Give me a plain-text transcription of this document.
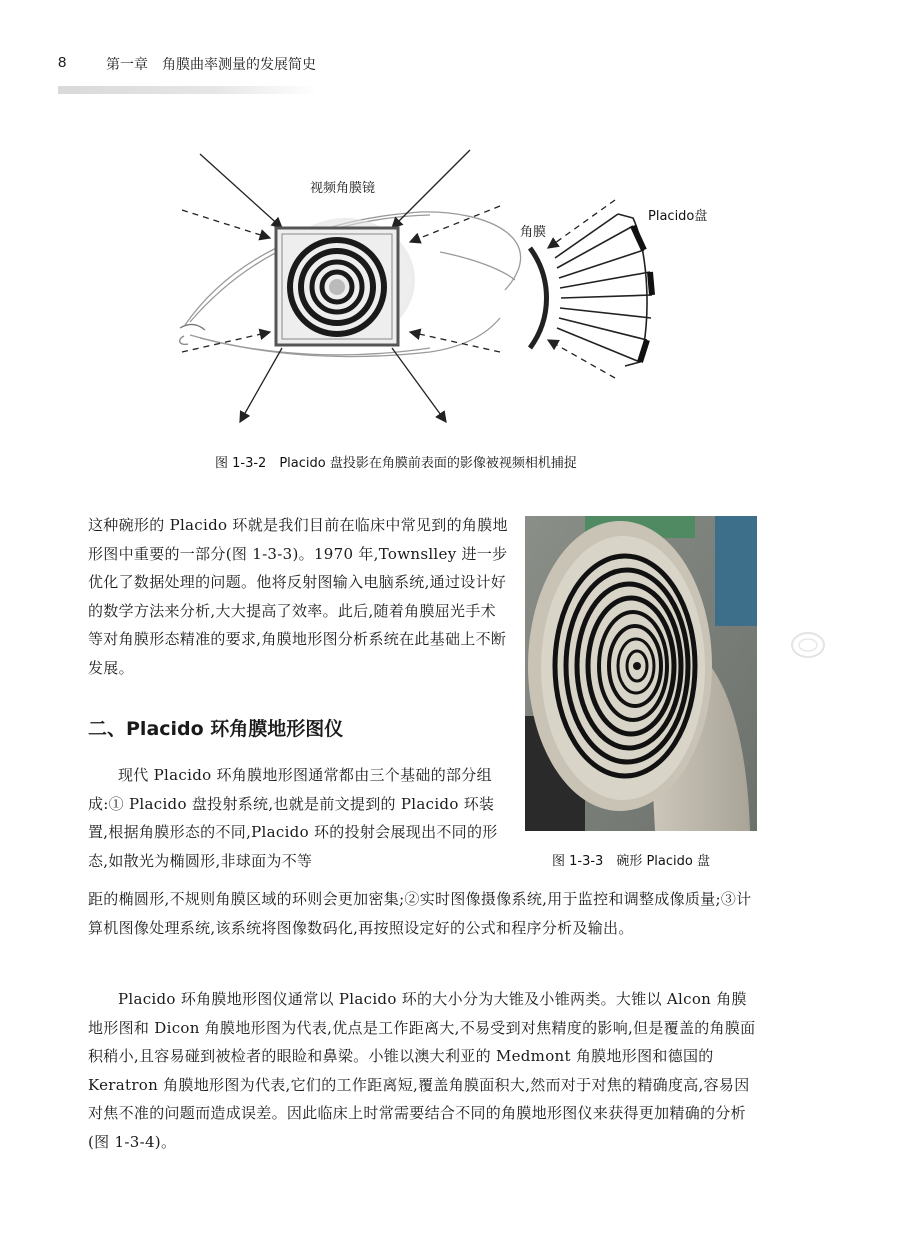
8	第一章　角膜曲率测量的发展简史
视频角膜镜
角膜
Placido盘
图 1-3-2　Placido 盘投影在角膜前表面的影像被视频相机捕捉

这种碗形的 Placido 环就是我们目前在临床中常见到的角膜地形图中重要的一部分(图 1-3-3)。1970 年,Townslley 进一步优化了数据处理的问题。他将反射图输入电脑系统,通过设计好的数学方法来分析,大大提高了效率。此后,随着角膜屈光手术等对角膜形态精准的要求,角膜地形图分析系统在此基础上不断发展。

二、Placido 环角膜地形图仪

现代 Placido 环角膜地形图通常都由三个基础的部分组成:① Placido 盘投射系统,也就是前文提到的 Placido 环装置,根据角膜形态的不同,Placido 环的投射会展现出不同的形态,如散光为椭圆形,非球面为不等

距的椭圆形,不规则角膜区域的环则会更加密集;②实时图像摄像系统,用于监控和调整成像质量;③计算机图像处理系统,该系统将图像数码化,再按照设定好的公式和程序分析及输出。

Placido 环角膜地形图仪通常以 Placido 环的大小分为大锥及小锥两类。大锥以 Alcon 角膜地形图和 Dicon 角膜地形图为代表,优点是工作距离大,不易受到对焦精度的影响,但是覆盖的角膜面积稍小,且容易碰到被检者的眼睑和鼻梁。小锥以澳大利亚的 Medmont 角膜地形图和德国的 Keratron 角膜地形图为代表,它们的工作距离短,覆盖角膜面积大,然而对于对焦的精确度高,容易因对焦不准的问题而造成误差。因此临床上时常需要结合不同的角膜地形图仪来获得更加精确的分析(图 1-3-4)。

图 1-3-3　碗形 Placido 盘
